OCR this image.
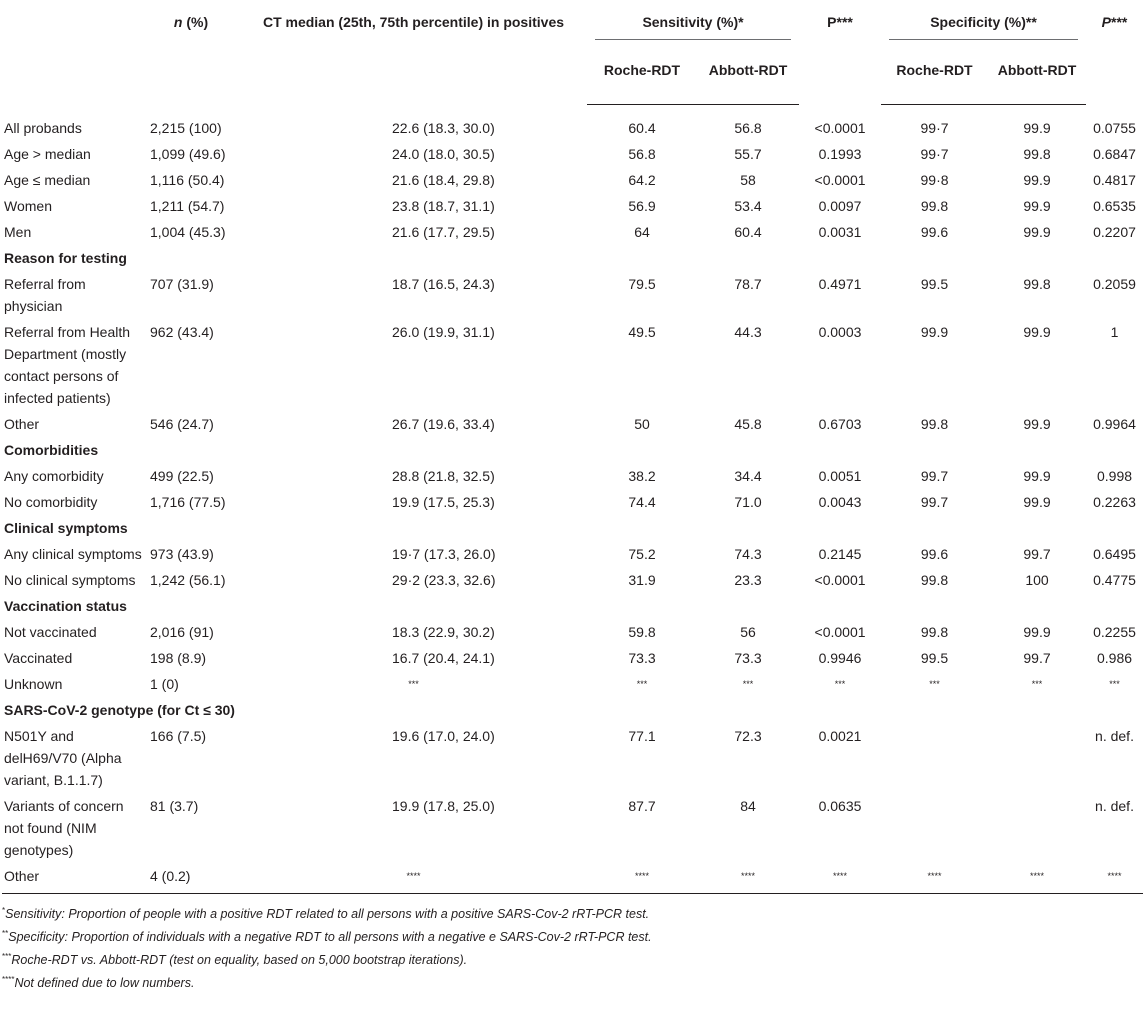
	n (%)	CT median (25th, 75th percentile) in positives	Sensitivity (%)*		P***	Specificity (%)**		P***
			Roche-RDT	Abbott-RDT		Roche-RDT	Abbott-RDT	
All probands	2,215 (100)	22.6 (18.3, 30.0)	60.4	56.8	<0.0001	99·7	99.9	0.0755
Age > median	1,099 (49.6)	24.0 (18.0, 30.5)	56.8	55.7	0.1993	99·7	99.8	0.6847
Age ≤ median	1,116 (50.4)	21.6 (18.4, 29.8)	64.2	58	<0.0001	99·8	99.9	0.4817
Women	1,211 (54.7)	23.8 (18.7, 31.1)	56.9	53.4	0.0097	99.8	99.9	0.6535
Men	1,004 (45.3)	21.6 (17.7, 29.5)	64	60.4	0.0031	99.6	99.9	0.2207
Reason for testing								
Referral from physician	707 (31.9)	18.7 (16.5, 24.3)	79.5	78.7	0.4971	99.5	99.8	0.2059
Referral from Health Department (mostly contact persons of infected patients)	962 (43.4)	26.0 (19.9, 31.1)	49.5	44.3	0.0003	99.9	99.9	1
Other	546 (24.7)	26.7 (19.6, 33.4)	50	45.8	0.6703	99.8	99.9	0.9964
Comorbidities								
Any comorbidity	499 (22.5)	28.8 (21.8, 32.5)	38.2	34.4	0.0051	99.7	99.9	0.998
No comorbidity	1,716 (77.5)	19.9 (17.5, 25.3)	74.4	71.0	0.0043	99.7	99.9	0.2263
Clinical symptoms								
Any clinical symptoms	973 (43.9)	19·7 (17.3, 26.0)	75.2	74.3	0.2145	99.6	99.7	0.6495
No clinical symptoms	1,242 (56.1)	29·2 (23.3, 32.6)	31.9	23.3	<0.0001	99.8	100	0.4775
Vaccination status								
Not vaccinated	2,016 (91)	18.3 (22.9, 30.2)	59.8	56	<0.0001	99.8	99.9	0.2255
Vaccinated	198 (8.9)	16.7 (20.4, 24.1)	73.3	73.3	0.9946	99.5	99.7	0.986
Unknown	1 (0)	***	***	***	***	***	***	***
SARS-CoV-2 genotype (for Ct ≤ 30)								
N501Y and delH69/V70 (Alpha variant, B.1.1.7)	166 (7.5)	19.6 (17.0, 24.0)	77.1	72.3	0.0021			n. def.
Variants of concern not found (NIM genotypes)	81 (3.7)	19.9 (17.8, 25.0)	87.7	84	0.0635			n. def.
Other	4 (0.2)	****	****	****	****	****	****	****
*Sensitivity: Proportion of people with a positive RDT related to all persons with a positive SARS-Cov-2 rRT-PCR test.
**Specificity: Proportion of individuals with a negative RDT to all persons with a negative e SARS-Cov-2 rRT-PCR test.
***Roche-RDT vs. Abbott-RDT (test on equality, based on 5,000 bootstrap iterations).
****Not defined due to low numbers.
